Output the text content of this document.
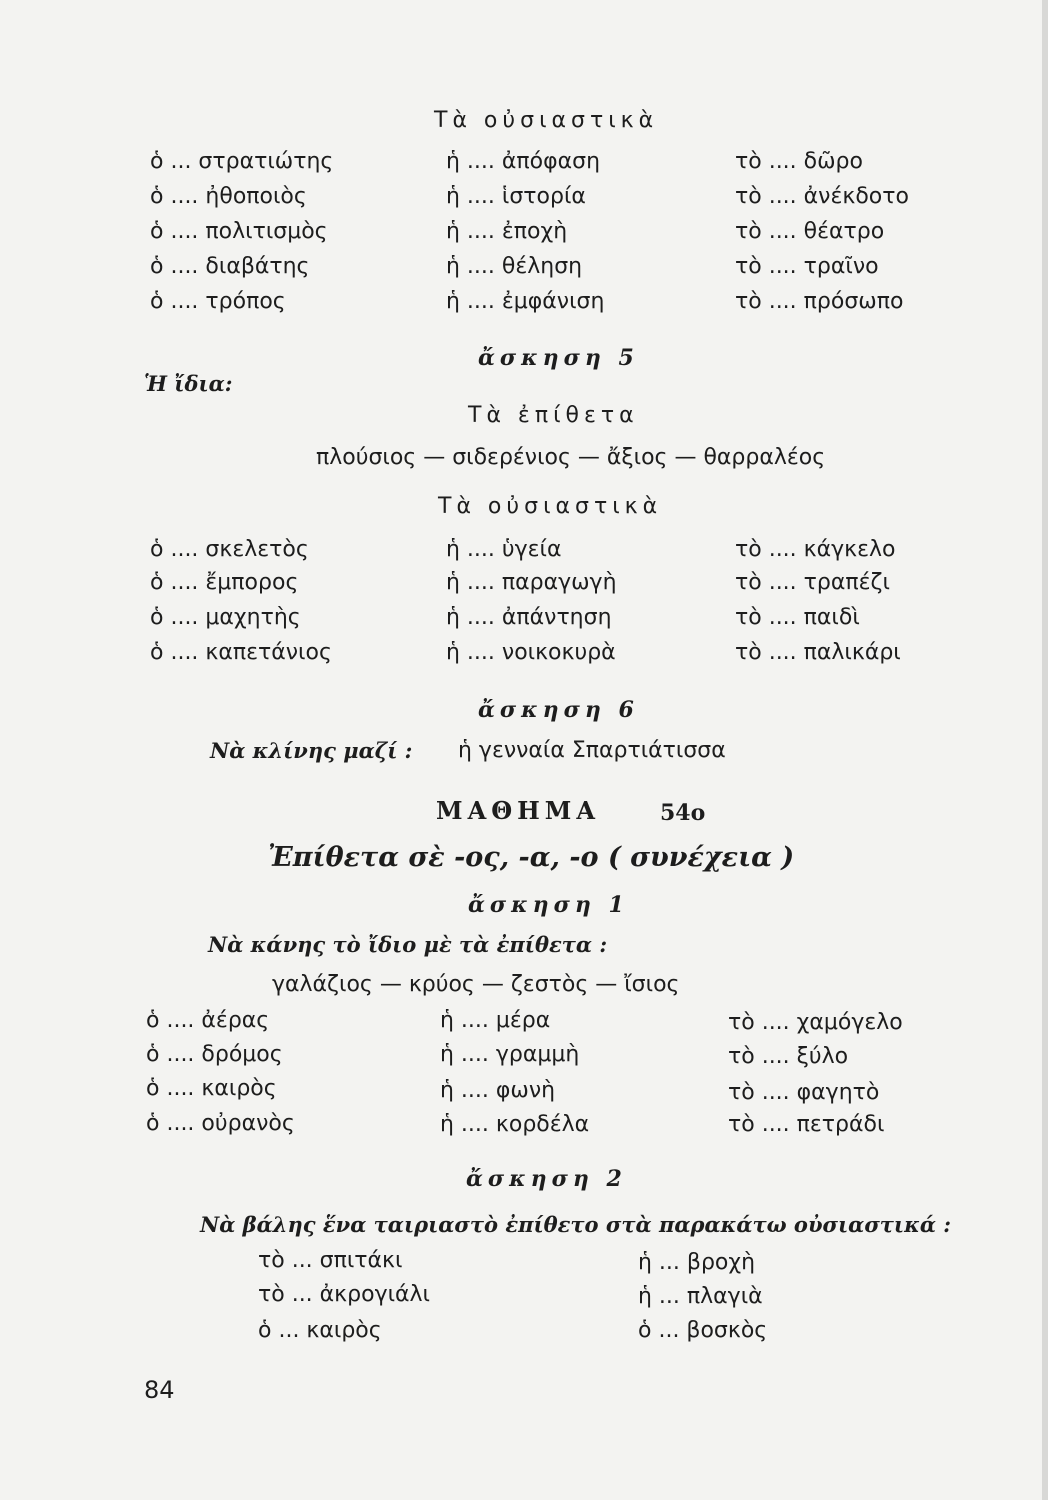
Τὰ οὐσιαστικὰ
ὁ ... στρατιώτης	ἡ .... ἀπόφαση	τὸ .... δῶρο
ὁ .... ἠθοποιὸς	ἡ .... ἱστορία	τὸ .... ἀνέκδοτο
ὁ .... πολιτισμὸς	ἡ .... ἐποχὴ	τὸ .... θέατρο
ὁ .... διαβάτης	ἡ .... θέληση	τὸ .... τραῖνο
ὁ .... τρόπος	ἡ .... ἐμφάνιση	τὸ .... πρόσωπο
ἄσκηση 5
Ἡ ἴδια:
Τὰ ἐπίθετα
πλούσιος — σιδερένιος — ἄξιος — θαρραλέος
Τὰ οὐσιαστικὰ
ὁ .... σκελετὸς	ἡ .... ὑγεία	τὸ .... κάγκελο
ὁ .... ἔμπορος	ἡ .... παραγωγὴ	τὸ .... τραπέζι
ὁ .... μαχητὴς	ἡ .... ἀπάντηση	τὸ .... παιδὶ
ὁ .... καπετάνιος	ἡ .... νοικοκυρὰ	τὸ .... παλικάρι
ἄσκηση 6
Νὰ κλίνης μαζί : ἡ γενναία Σπαρτιάτισσα
ΜΑΘΗΜΑ	54ο
Ἐπίθετα σὲ -ος, -α, -ο ( συνέχεια )
ἄσκηση 1
Νὰ κάνης τὸ ἴδιο μὲ τὰ ἐπίθετα :
γαλάζιος — κρύος — ζεστὸς — ἴσιος
ὁ .... ἀέρας	ἡ .... μέρα	τὸ .... χαμόγελο
ὁ .... δρόμος	ἡ .... γραμμὴ	τὸ .... ξύλο
ὁ .... καιρὸς	ἡ .... φωνὴ	τὸ .... φαγητὸ
ὁ .... οὐρανὸς	ἡ .... κορδέλα	τὸ .... πετράδι
ἄσκηση 2
Νὰ βάλης ἕνα ταιριαστὸ ἐπίθετο στὰ παρακάτω οὐσιαστικά :
τὸ ... σπιτάκι	ἡ ... βροχὴ
τὸ ... ἀκρογιάλι	ἡ ... πλαγιὰ
ὁ ... καιρὸς	ὁ ... βοσκὸς
84
